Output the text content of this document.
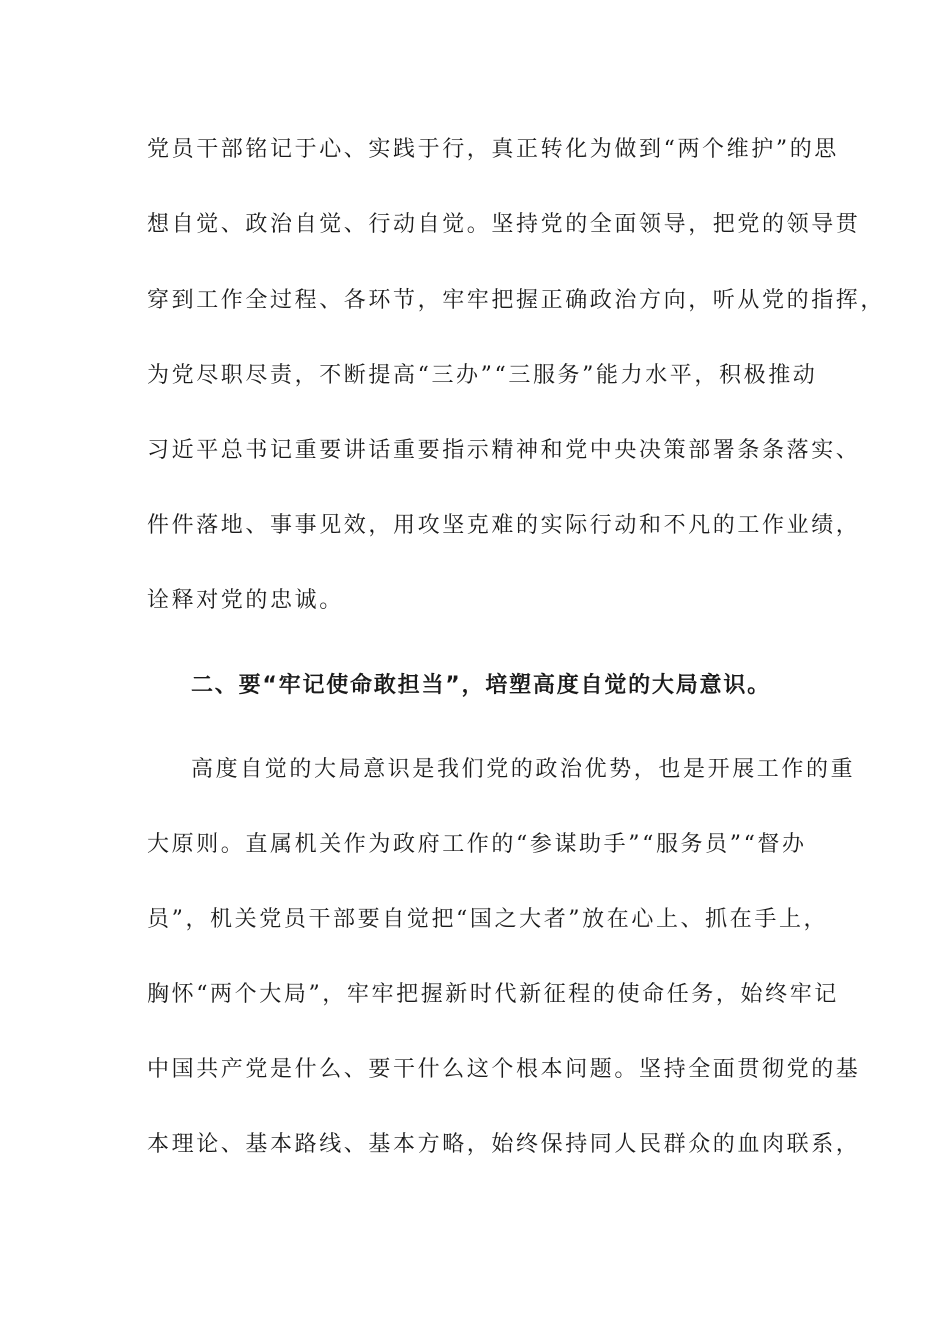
党员干部铭记于心、实践于行，真正转化为做到“两个维护”的思
想自觉、政治自觉、行动自觉。坚持党的全面领导，把党的领导贯
穿到工作全过程、各环节，牢牢把握正确政治方向，听从党的指挥，
为党尽职尽责，不断提高“三办”“三服务”能力水平，积极推动
习近平总书记重要讲话重要指示精神和党中央决策部署条条落实、
件件落地、事事见效，用攻坚克难的实际行动和不凡的工作业绩，
诠释对党的忠诚。
二、要“牢记使命敢担当”，培塑高度自觉的大局意识。
高度自觉的大局意识是我们党的政治优势，也是开展工作的重
大原则。直属机关作为政府工作的“参谋助手”“服务员”“督办
员”，机关党员干部要自觉把“国之大者”放在心上、抓在手上，
胸怀“两个大局”，牢牢把握新时代新征程的使命任务，始终牢记
中国共产党是什么、要干什么这个根本问题。坚持全面贯彻党的基
本理论、基本路线、基本方略，始终保持同人民群众的血肉联系，
